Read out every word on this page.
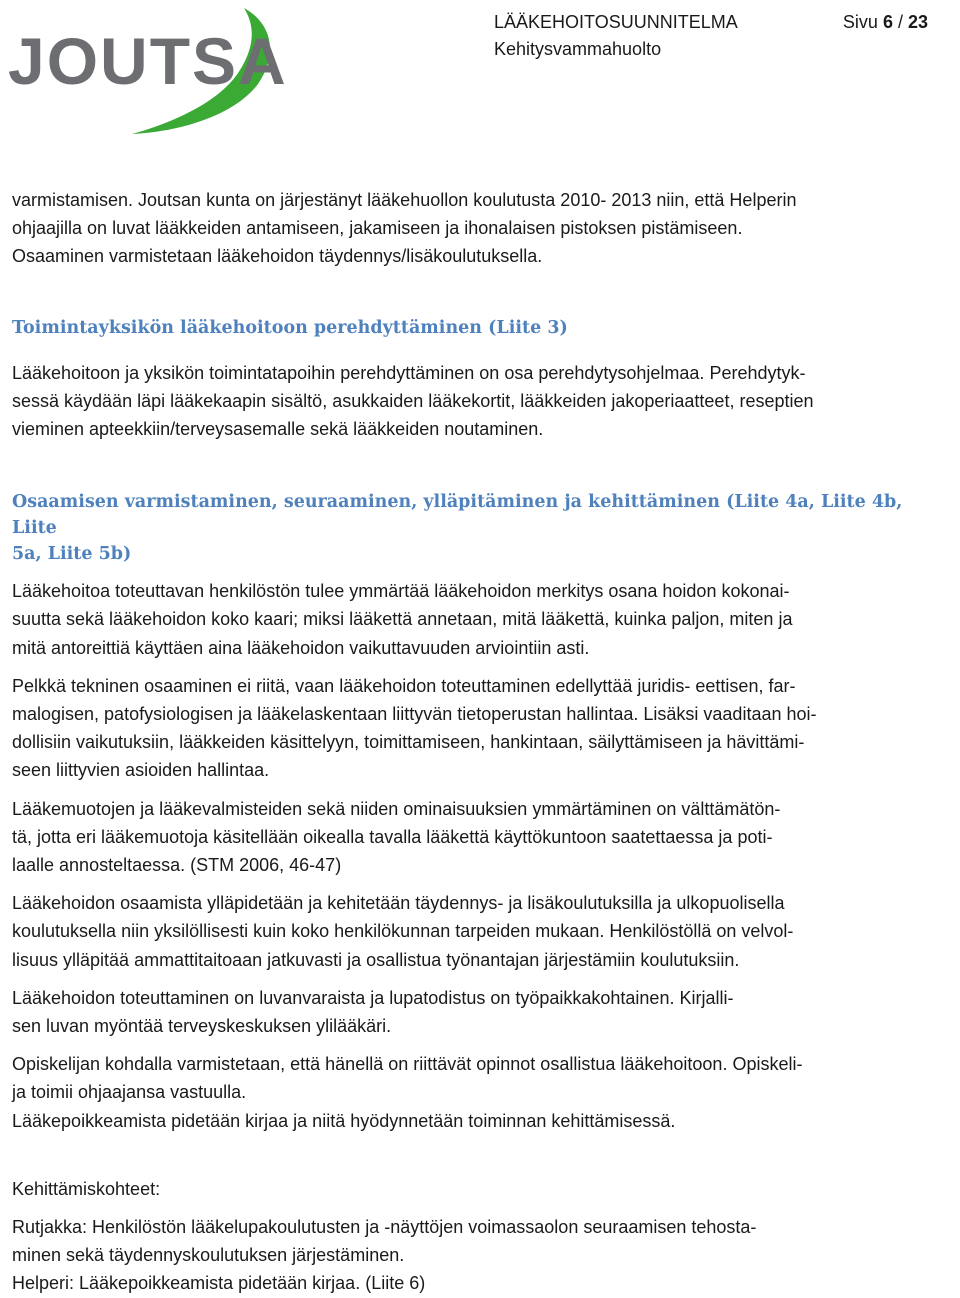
JOUTSA
LÄÄKEHOITOSUUNNITELMA	Sivu 6 / 23
Kehitysvammahuolto

varmistamisen. Joutsan kunta on järjestänyt lääkehuollon koulutusta 2010- 2013 niin, että Helperin
ohjaajilla on luvat lääkkeiden antamiseen, jakamiseen ja ihonalaisen pistoksen pistämiseen.
Osaaminen varmistetaan lääkehoidon täydennys/lisäkoulutuksella.

Toimintayksikön lääkehoitoon perehdyttäminen (Liite 3)

Lääkehoitoon ja yksikön toimintatapoihin perehdyttäminen on osa perehdytysohjelmaa. Perehdytyk-
sessä käydään läpi lääkekaapin sisältö, asukkaiden lääkekortit, lääkkeiden jakoperiaatteet, reseptien
vieminen apteekkiin/terveysasemalle sekä lääkkeiden noutaminen.

Osaamisen varmistaminen, seuraaminen, ylläpitäminen ja kehittäminen (Liite 4a, Liite 4b, Liite
5a, Liite 5b)

Lääkehoitoa toteuttavan henkilöstön tulee ymmärtää lääkehoidon merkitys osana hoidon kokonai-
suutta sekä lääkehoidon koko kaari; miksi lääkettä annetaan, mitä lääkettä, kuinka paljon, miten ja
mitä antoreittiä käyttäen aina lääkehoidon vaikuttavuuden arviointiin asti.

Pelkkä tekninen osaaminen ei riitä, vaan lääkehoidon toteuttaminen edellyttää juridis- eettisen, far-
malogisen, patofysiologisen ja lääkelaskentaan liittyvän tietoperustan hallintaa. Lisäksi vaaditaan hoi-
dollisiin vaikutuksiin, lääkkeiden käsittelyyn, toimittamiseen, hankintaan, säilyttämiseen ja hävittämi-
seen liittyvien asioiden hallintaa.

Lääkemuotojen ja lääkevalmisteiden sekä niiden ominaisuuksien ymmärtäminen on välttämätön-
tä, jotta eri lääkemuotoja käsitellään oikealla tavalla lääkettä käyttökuntoon saatettaessa ja poti-
laalle annosteltaessa. (STM 2006, 46-47)

Lääkehoidon osaamista ylläpidetään ja kehitetään täydennys- ja lisäkoulutuksilla ja ulkopuolisella
koulutuksella niin yksilöllisesti kuin koko henkilökunnan tarpeiden mukaan. Henkilöstöllä on velvol-
lisuus ylläpitää ammattitaitoaan jatkuvasti ja osallistua työnantajan järjestämiin koulutuksiin.

Lääkehoidon toteuttaminen on luvanvaraista ja lupatodistus on työpaikkakohtainen. Kirjalli-
sen luvan myöntää terveyskeskuksen ylilääkäri.

Opiskelijan kohdalla varmistetaan, että hänellä on riittävät opinnot osallistua lääkehoitoon. Opiskeli-
ja toimii ohjaajansa vastuulla.

Lääkepoikkeamista pidetään kirjaa ja niitä hyödynnetään toiminnan kehittämisessä.

Kehittämiskohteet:

Rutjakka: Henkilöstön lääkelupakoulutusten ja -näyttöjen voimassaolon seuraamisen tehosta-
minen sekä täydennyskoulutuksen järjestäminen.

Helperi: Lääkepoikkeamista pidetään kirjaa. (Liite 6)
